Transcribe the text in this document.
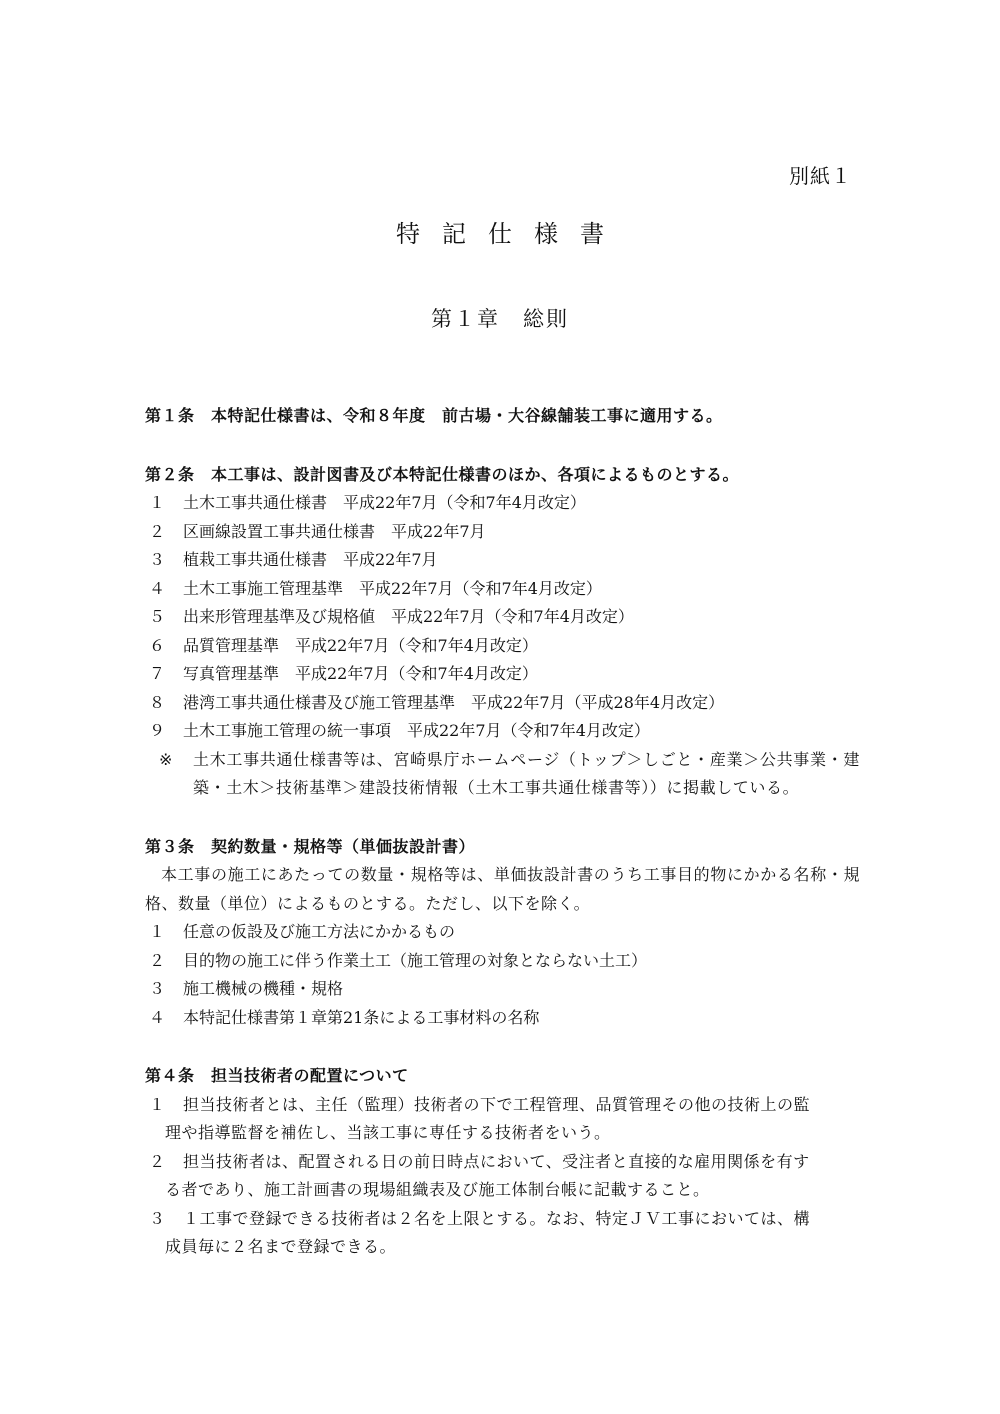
別紙１
特記仕様書
第１章　総則
第１条　本特記仕様書は、令和８年度　前古場・大谷線舗装工事に適用する。
第２条　本工事は、設計図書及び本特記仕様書のほか、各項によるものとする。
１	土木工事共通仕様書　平成22年7月（令和7年4月改定）
２	区画線設置工事共通仕様書　平成22年7月
３	植栽工事共通仕様書　平成22年7月
４	土木工事施工管理基準　平成22年7月（令和7年4月改定）
５	出来形管理基準及び規格値　平成22年7月（令和7年4月改定）
６	品質管理基準　平成22年7月（令和7年4月改定）
７	写真管理基準　平成22年7月（令和7年4月改定）
８	港湾工事共通仕様書及び施工管理基準　平成22年7月（平成28年4月改定）
９	土木工事施工管理の統一事項　平成22年7月（令和7年4月改定）
※	土木工事共通仕様書等は、宮崎県庁ホームページ（トップ＞しごと・産業＞公共事業・建築・土木＞技術基準＞建設技術情報（土木工事共通仕様書等））に掲載している。
第３条　契約数量・規格等（単価抜設計書）
本工事の施工にあたっての数量・規格等は、単価抜設計書のうち工事目的物にかかる名称・規格、数量（単位）によるものとする。ただし、以下を除く。
１	任意の仮設及び施工方法にかかるもの
２	目的物の施工に伴う作業土工（施工管理の対象とならない土工）
３	施工機械の機種・規格
４	本特記仕様書第１章第21条による工事材料の名称
第４条　担当技術者の配置について
１	担当技術者とは、主任（監理）技術者の下で工程管理、品質管理その他の技術上の監
理や指導監督を補佐し、当該工事に専任する技術者をいう。
２	担当技術者は、配置される日の前日時点において、受注者と直接的な雇用関係を有す
る者であり、施工計画書の現場組織表及び施工体制台帳に記載すること。
３	１工事で登録できる技術者は２名を上限とする。なお、特定ＪＶ工事においては、構
成員毎に２名まで登録できる。
